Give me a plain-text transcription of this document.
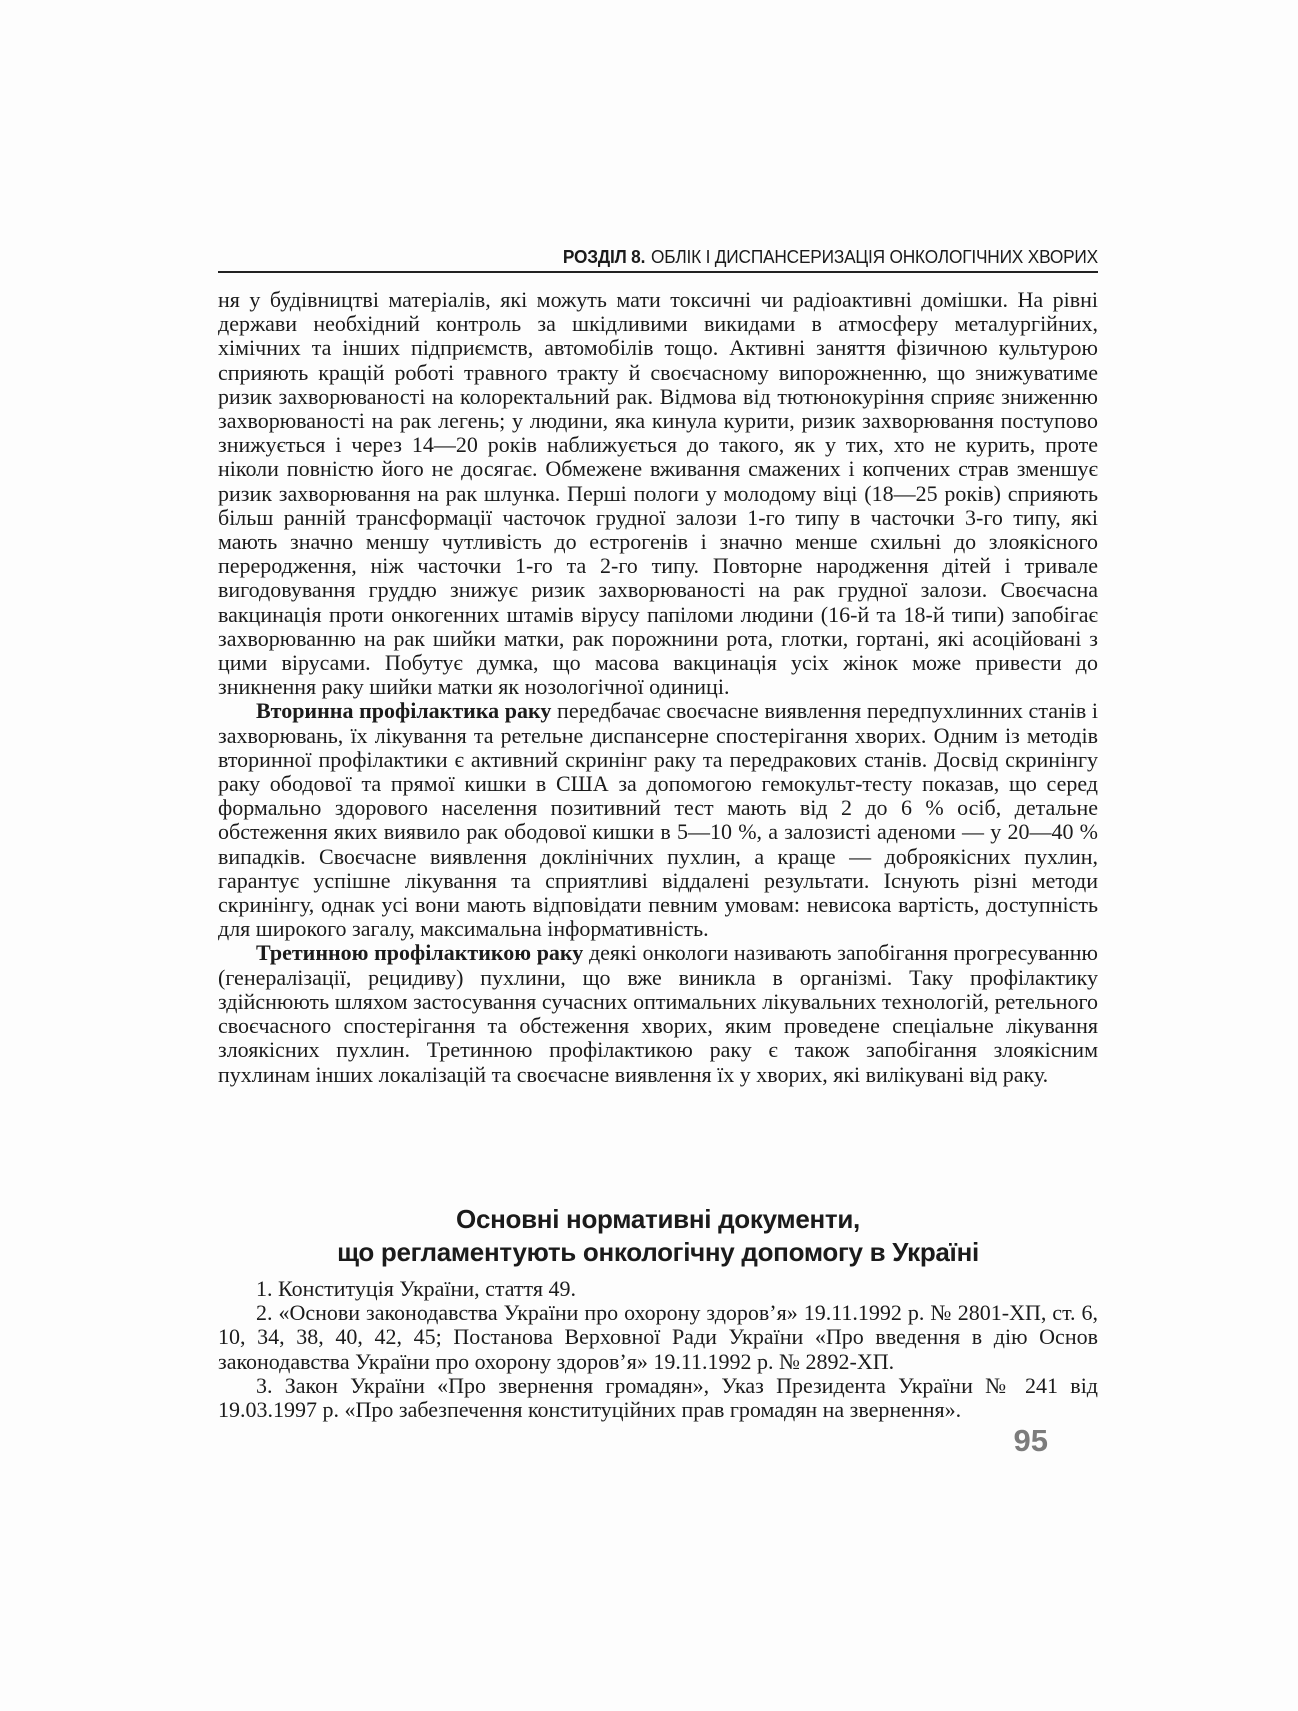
РОЗДІЛ 8. ОБЛІК І ДИСПАНСЕРИЗАЦІЯ ОНКОЛОГІЧНИХ ХВОРИХ

ня у будівництві матеріалів, які можуть мати токсичні чи радіоактивні домішки. На рівні держави необхідний контроль за шкідливими викидами в атмосферу металургійних, хімічних та інших підприємств, автомобілів тощо. Активні заняття фізичною культурою сприяють кращій роботі травного тракту й своєчасному випорожненню, що знижуватиме ризик захворюваності на колоректальний рак. Відмова від тютюнокуріння сприяє зниженню захворюваності на рак легень; у людини, яка кинула курити, ризик захворювання поступово знижується і через 14—20 років наближується до такого, як у тих, хто не курить, проте ніколи повністю його не досягає. Обмежене вживання смажених і копчених страв зменшує ризик захворювання на рак шлунка. Перші пологи у молодому віці (18—25 років) сприяють більш ранній трансформації часточок грудної залози 1-го типу в часточки 3-го типу, які мають значно меншу чутливість до естрогенів і значно менше схильні до злоякісного переродження, ніж часточки 1-го та 2-го типу. Повторне народження дітей і тривале вигодовування груддю знижує ризик захворюваності на рак грудної залози. Своєчасна вакцинація проти онкогенних штамів вірусу папіломи людини (16-й та 18-й типи) запобігає захворюванню на рак шийки матки, рак порожнини рота, глотки, гортані, які асоційовані з цими вірусами. Побутує думка, що масова вакцинація усіх жінок може привести до зникнення раку шийки матки як нозологічної одиниці.

Вторинна профілактика раку передбачає своєчасне виявлення передпухлинних станів і захворювань, їх лікування та ретельне диспансерне спостерігання хворих. Одним із методів вторинної профілактики є активний скринінг раку та передракових станів. Досвід скринінгу раку ободової та прямої кишки в США за допомогою гемокульт-тесту показав, що серед формально здорового населення позитивний тест мають від 2 до 6 % осіб, детальне обстеження яких виявило рак ободової кишки в 5—10 %, а залозисті аденоми — у 20—40 % випадків. Своєчасне виявлення доклінічних пухлин, а краще — доброякісних пухлин, гарантує успішне лікування та сприятливі віддалені результати. Існують різні методи скринінгу, однак усі вони мають відповідати певним умовам: невисока вартість, доступність для широкого загалу, максимальна інформативність.

Третинною профілактикою раку деякі онкологи називають запобігання прогресуванню (генералізації, рецидиву) пухлини, що вже виникла в організмі. Таку профілактику здійснюють шляхом застосування сучасних оптимальних лікувальних технологій, ретельного своєчасного спостерігання та обстеження хворих, яким проведене спеціальне лікування злоякісних пухлин. Третинною профілактикою раку є також запобігання злоякісним пухлинам інших локалізацій та своєчасне виявлення їх у хворих, які вилікувані від раку.

Основні нормативні документи,
що регламентують онкологічну допомогу в Україні

1. Конституція України, стаття 49.

2. «Основи законодавства України про охорону здоров’я» 19.11.1992 р. № 2801-ХП, ст. 6, 10, 34, 38, 40, 42, 45; Постанова Верховної Ради України «Про введення в дію Основ законодавства України про охорону здоров’я» 19.11.1992 р. № 2892-ХП.

3. Закон України «Про звернення громадян», Указ Президента України № 241 від 19.03.1997 р. «Про забезпечення конституційних прав громадян на звернення».

95
